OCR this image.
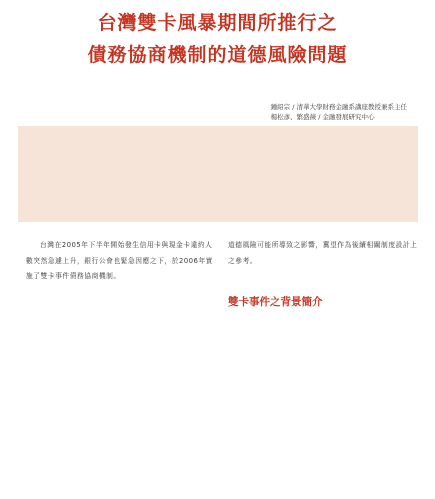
台灣雙卡風暴期間所推行之
債務協商機制的道德風險問題
鍾紹宗 / 清華大學財務金融系講座教授兼系主任
楊松彥、繁盛薇 / 金融發展研究中心

台灣在2005年下半年開始發生信用卡與現金卡違約人數突然急遽上升，銀行公會也緊急因應之下，於2006年實施了雙卡事件債務協商機制。

道德風險可能所導致之影響，冀望作為後續相關制度設計上之參考。

雙卡事件之背景簡介
